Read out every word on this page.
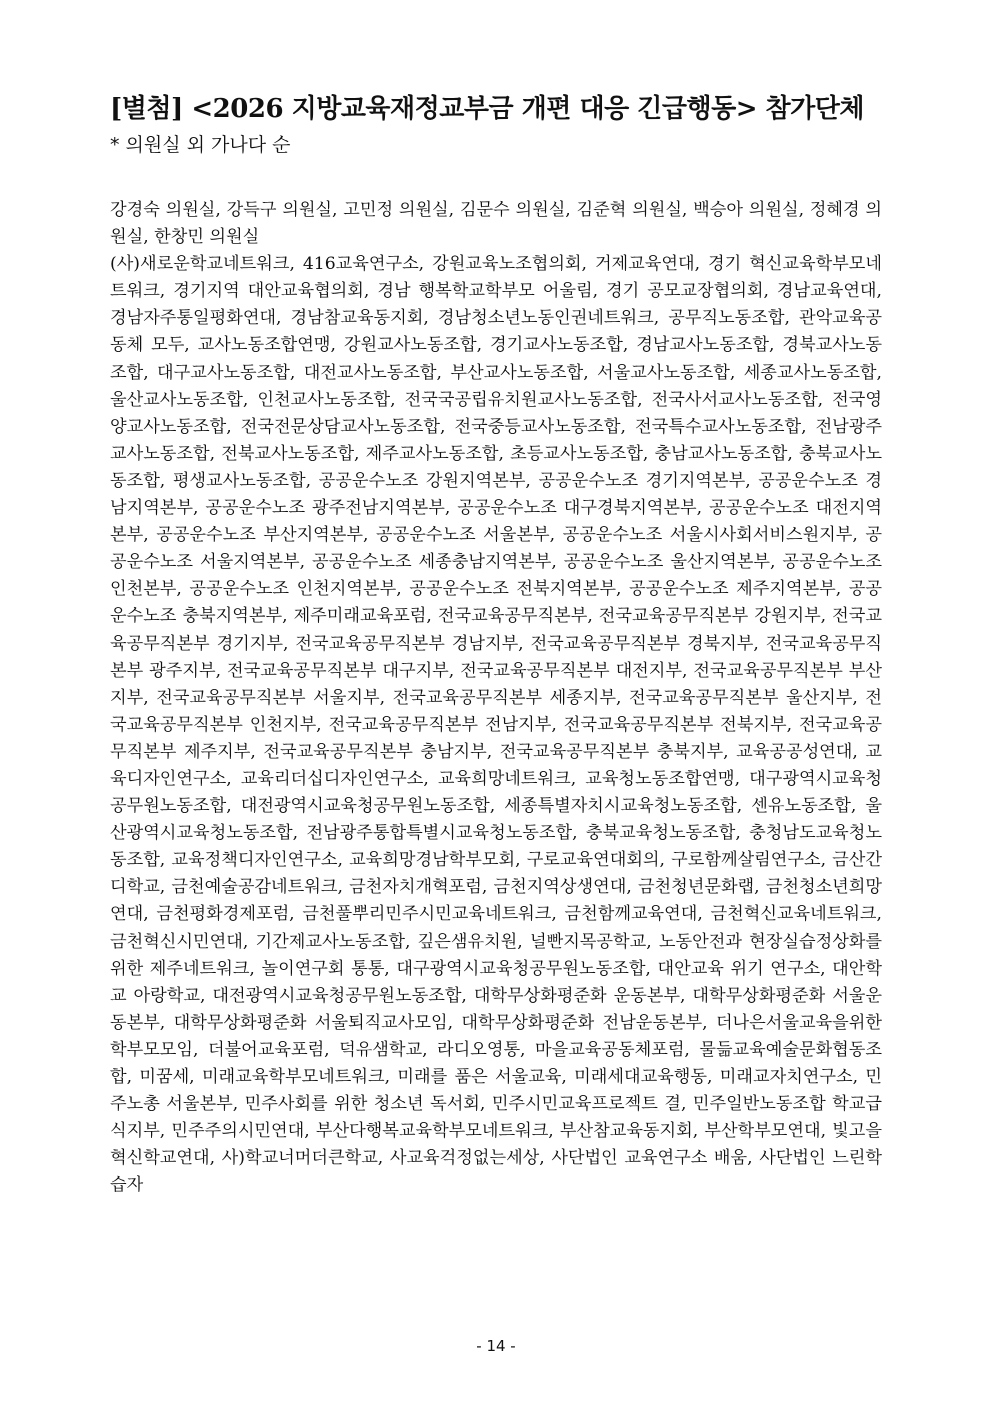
[별첨] <2026 지방교육재정교부금 개편 대응 긴급행동> 참가단체
* 의원실 외 가나다 순

강경숙 의원실, 강득구 의원실, 고민정 의원실, 김문수 의원실, 김준혁 의원실, 백승아 의원실, 정혜경 의원실, 한창민 의원실

(사)새로운학교네트워크, 416교육연구소, 강원교육노조협의회, 거제교육연대, 경기 혁신교육학부모네트워크, 경기지역 대안교육협의회, 경남 행복학교학부모 어울림, 경기 공모교장협의회, 경남교육연대, 경남자주통일평화연대, 경남참교육동지회, 경남청소년노동인권네트워크, 공무직노동조합, 관악교육공동체 모두, 교사노동조합연맹, 강원교사노동조합, 경기교사노동조합, 경남교사노동조합, 경북교사노동조합, 대구교사노동조합, 대전교사노동조합, 부산교사노동조합, 서울교사노동조합, 세종교사노동조합, 울산교사노동조합, 인천교사노동조합, 전국국공립유치원교사노동조합, 전국사서교사노동조합, 전국영양교사노동조합, 전국전문상담교사노동조합, 전국중등교사노동조합, 전국특수교사노동조합, 전남광주교사노동조합, 전북교사노동조합, 제주교사노동조합, 초등교사노동조합, 충남교사노동조합, 충북교사노동조합, 평생교사노동조합, 공공운수노조 강원지역본부, 공공운수노조 경기지역본부, 공공운수노조 경남지역본부, 공공운수노조 광주전남지역본부, 공공운수노조 대구경북지역본부, 공공운수노조 대전지역본부, 공공운수노조 부산지역본부, 공공운수노조 서울본부, 공공운수노조 서울시사회서비스원지부, 공공운수노조 서울지역본부, 공공운수노조 세종충남지역본부, 공공운수노조 울산지역본부, 공공운수노조 인천본부, 공공운수노조 인천지역본부, 공공운수노조 전북지역본부, 공공운수노조 제주지역본부, 공공운수노조 충북지역본부, 제주미래교육포럼, 전국교육공무직본부, 전국교육공무직본부 강원지부, 전국교육공무직본부 경기지부, 전국교육공무직본부 경남지부, 전국교육공무직본부 경북지부, 전국교육공무직본부 광주지부, 전국교육공무직본부 대구지부, 전국교육공무직본부 대전지부, 전국교육공무직본부 부산지부, 전국교육공무직본부 서울지부, 전국교육공무직본부 세종지부, 전국교육공무직본부 울산지부, 전국교육공무직본부 인천지부, 전국교육공무직본부 전남지부, 전국교육공무직본부 전북지부, 전국교육공무직본부 제주지부, 전국교육공무직본부 충남지부, 전국교육공무직본부 충북지부, 교육공공성연대, 교육디자인연구소, 교육리더십디자인연구소, 교육희망네트워크, 교육청노동조합연맹, 대구광역시교육청공무원노동조합, 대전광역시교육청공무원노동조합, 세종특별자치시교육청노동조합, 센유노동조합, 울산광역시교육청노동조합, 전남광주통합특별시교육청노동조합, 충북교육청노동조합, 충청남도교육청노동조합, 교육정책디자인연구소, 교육희망경남학부모회, 구로교육연대회의, 구로함께살림연구소, 금산간디학교, 금천예술공감네트워크, 금천자치개혁포럼, 금천지역상생연대, 금천청년문화랩, 금천청소년희망연대, 금천평화경제포럼, 금천풀뿌리민주시민교육네트워크, 금천함께교육연대, 금천혁신교육네트워크, 금천혁신시민연대, 기간제교사노동조합, 깊은샘유치원, 널빤지목공학교, 노동안전과 현장실습정상화를위한 제주네트워크, 놀이연구회 통통, 대구광역시교육청공무원노동조합, 대안교육 위기 연구소, 대안학교 아랑학교, 대전광역시교육청공무원노동조합, 대학무상화평준화 운동본부, 대학무상화평준화 서울운동본부, 대학무상화평준화 서울퇴직교사모임, 대학무상화평준화 전남운동본부, 더나은서울교육을위한학부모모임, 더불어교육포럼, 덕유샘학교, 라디오영통, 마을교육공동체포럼, 물듦교육예술문화협동조합, 미꿈세, 미래교육학부모네트워크, 미래를 품은 서울교육, 미래세대교육행동, 미래교자치연구소, 민주노총 서울본부, 민주사회를 위한 청소년 독서회, 민주시민교육프로젝트 결, 민주일반노동조합 학교급식지부, 민주주의시민연대, 부산다행복교육학부모네트워크, 부산참교육동지회, 부산학부모연대, 빛고을혁신학교연대, 사)학교너머더큰학교, 사교육걱정없는세상, 사단법인 교육연구소 배움, 사단법인 느린학습자

- 14 -
